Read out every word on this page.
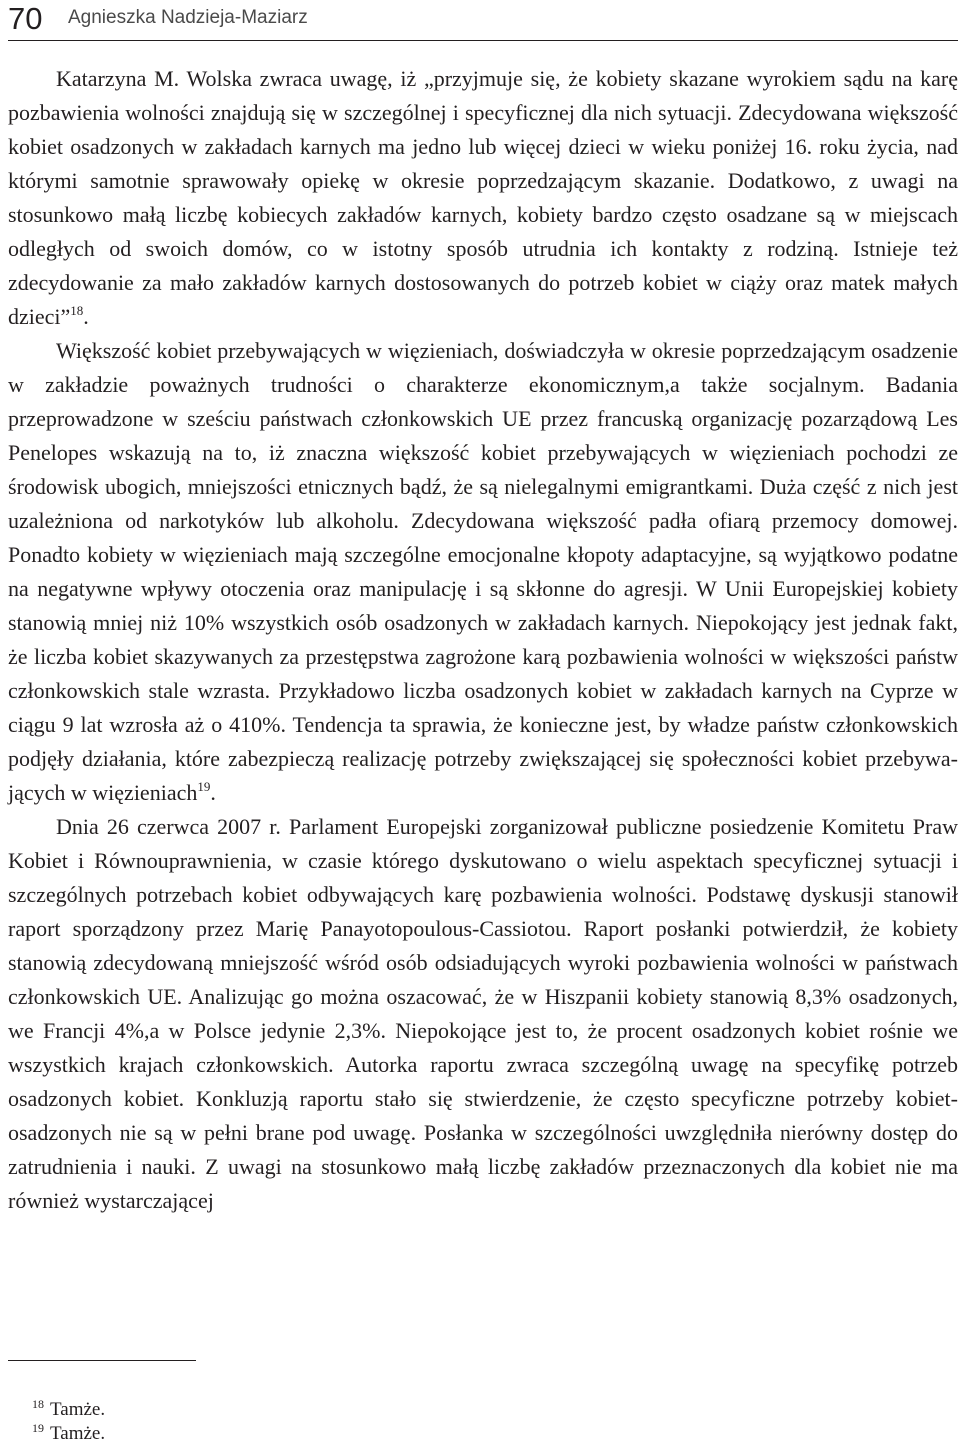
70 Agnieszka Nadzieja-Maziarz

Katarzyna M. Wolska zwraca uwagę, iż „przyjmuje się, że kobiety skazane wyrokiem sądu na karę pozbawienia wolności znajdują się w szczególnej i specyficznej dla nich sytuacji. Zdecydowana większość kobiet osadzonych w zakładach karnych ma jedno lub więcej dzieci w wieku poniżej 16. roku życia, nad którymi samotnie sprawowały opiekę w okresie poprzedzającym skazanie. Dodatkowo, z uwagi na stosunkowo małą liczbę kobiecych zakładów karnych, kobiety bardzo często osadzane są w miejscach odległych od swoich domów, co w istotny sposób utrudnia ich kontakty z rodziną. Istnieje też zdecydowanie za mało zakładów karnych dostosowanych do potrzeb kobiet w ciąży oraz matek małych dzieci”$^{18}$.

Większość kobiet przebywających w więzieniach, doświadczyła w okresie poprzedzającym osadzenie w zakładzie poważnych trudności o charakterze ekonomicznym,a także socjalnym. Badania przeprowadzone w sześciu państwach członkowskich UE przez francuską organizację pozarządową Les Penelopes wskazują na to, iż znaczna większość kobiet przebywających w więzieniach pochodzi ze środowisk ubogich, mniejszości etnicznych bądź, że są nielegalnymi emigrantkami. Duża część z nich jest uzależniona od narkotyków lub alkoholu. Zdecydowana większość padła ofiarą przemocy domowej. Ponadto kobiety w więzieniach mają szczególne emocjonalne kłopoty adaptacyjne, są wyjątkowo podatne na negatywne wpływy otoczenia oraz manipulację i są skłonne do agresji. W Unii Europejskiej kobiety stanowią mniej niż 10% wszystkich osób osadzonych w zakładach karnych. Niepokojący jest jednak fakt, że liczba kobiet skazywanych za przestępstwa zagrożone karą pozbawienia wolności w większości państw członkowskich stale wzrasta. Przykładowo liczba osadzonych kobiet w zakładach karnych na Cyprze w ciągu 9 lat wzrosła aż o 410%. Tendencja ta sprawia, że konieczne jest, by władze państw członkowskich podjęły działania, które zabezpieczą realizację potrzeby zwiększającej się społeczności kobiet przebywających w więzieniach$^{19}$.

Dnia 26 czerwca 2007 r. Parlament Europejski zorganizował publiczne posiedzenie Komitetu Praw Kobiet i Równouprawnienia, w czasie którego dyskutowano o wielu aspektach specyficznej sytuacji i szczególnych potrzebach kobiet odbywających karę pozbawienia wolności. Podstawę dyskusji stanowił raport sporządzony przez Marię Panayotopoulous-Cassiotou. Raport posłanki potwierdził, że kobiety stanowią zdecydowaną mniejszość wśród osób odsiadujących wyroki pozbawienia wolności w państwach członkowskich UE. Analizując go można oszacować, że w Hiszpanii kobiety stanowią 8,3% osadzonych, we Francji 4%,a w Polsce jedynie 2,3%. Niepokojące jest to, że procent osadzonych kobiet rośnie we wszystkich krajach członkowskich. Autorka raportu zwraca szczególną uwagę na specyfikę potrzeb osadzonych kobiet. Konkluzją raportu stało się stwierdzenie, że często specyficzne potrzeby kobiet-osadzonych nie są w pełni brane pod uwagę. Posłanka w szczególności uwzględniła nierówny dostęp do zatrudnienia i nauki. Z uwagi na stosunkowo małą liczbę zakładów przeznaczonych dla kobiet nie ma również wystarczającej

$^{18}$ Tamże.
$^{19}$ Tamże.
